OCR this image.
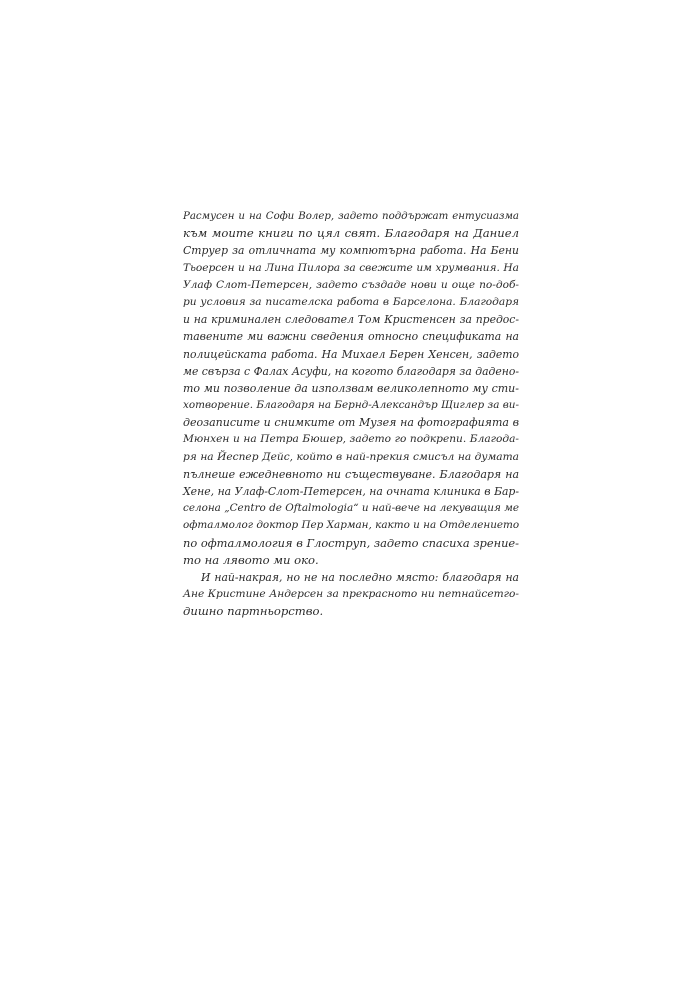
Расмусен и на Софи Волер, задето поддържат ентусиазма
към моите книги по цял свят. Благодаря на Даниел
Струер за отличната му компютърна работа. На Бени
Тьоерсен и на Лина Пилора за свежите им хрумвания. На
Улаф Слот-Петерсен, задето създаде нови и още по-доб-
ри условия за писателска работа в Барселона. Благодаря
и на криминален следовател Том Кристенсен за предос-
тавените ми важни сведения относно спецификата на
полицейската работа. На Михаел Берен Хенсен, задето
ме свърза с Фалах Асуфи, на когото благодаря за дадено-
то ми позволение да използвам великолепното му сти-
хотворение. Благодаря на Бернд-Александър Щиглер за ви-
деозаписите и снимките от Музея на фотографията в
Мюнхен и на Петра Бюшер, задето го подкрепи. Благода-
ря на Йеспер Дейс, който в най-прекия смисъл на думата
пълнеше ежедневното ни съществуване. Благодаря на
Хене, на Улаф-Слот-Петерсен, на очната клиника в Бар-
селона „Centro de Oftalmologia“ и най-вече на лекуващия ме
офталмолог доктор Пер Харман, както и на Отделението
по офталмология в Глоструп, задето спасиха зрение-
то на лявото ми око.
И най-накрая, но не на последно място: благодаря на
Ане Кристине Андерсен за прекрасното ни петнайсетго-
дишно партньорство.
